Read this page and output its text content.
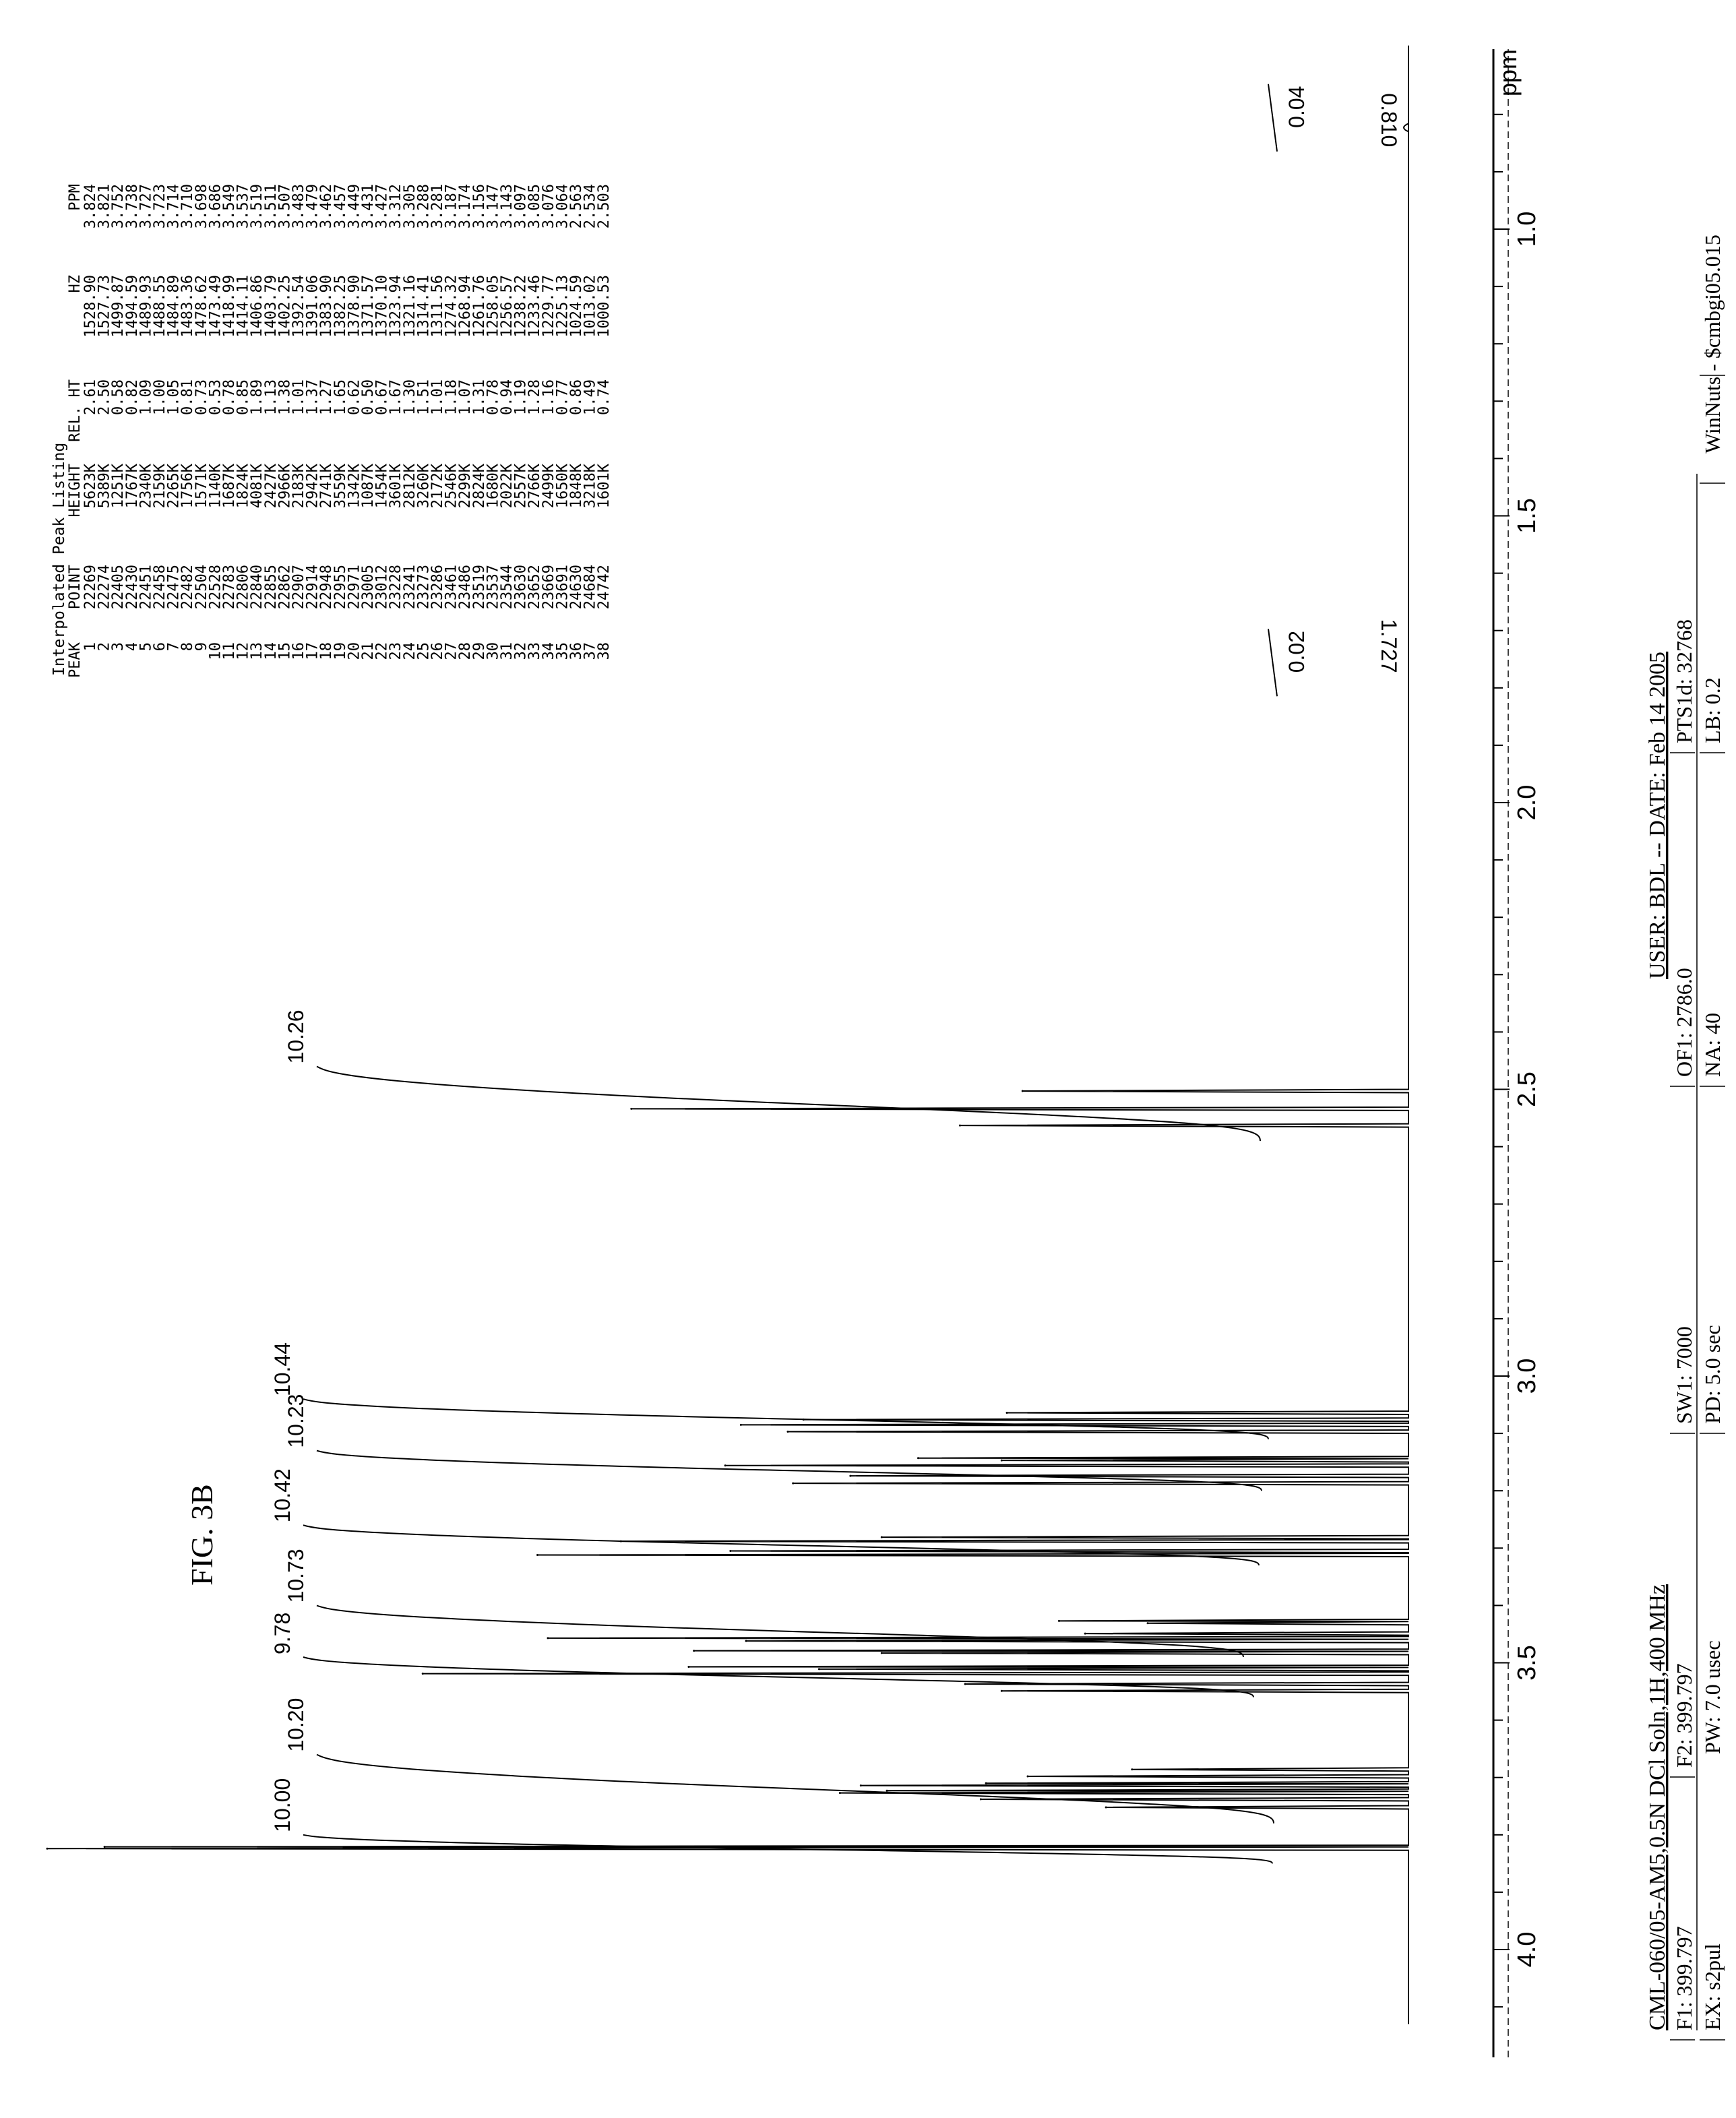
4.0
3.5
3.0
2.5
2.0
1.5
1.0
10.00
10.20
9.78
10.73
10.42
10.23
10.44
10.26
0.02
0.04
1.727
0.810
Interpolated Peak Listing
PEAK
POINT
HEIGHT
REL. HT
HZ
PPM
1
22269
5623K
2.61
1528.90
3.824
2
22274
5389K
2.50
1527.73
3.821
3
22405
1251K
0.58
1499.87
3.752
4
22430
1767K
0.82
1494.59
3.738
5
22451
2340K
1.09
1489.93
3.727
6
22458
2159K
1.00
1488.55
3.723
7
22475
2265K
1.05
1484.89
3.714
8
22482
1756K
0.81
1483.36
3.710
9
22504
1571K
0.73
1478.62
3.698
10
22528
1140K
0.53
1473.49
3.686
11
22783
1687K
0.78
1418.99
3.549
12
22806
1824K
0.85
1414.11
3.537
13
22840
4081K
1.89
1406.86
3.519
14
22855
2427K
1.13
1403.79
3.511
15
22862
2966K
1.38
1402.25
3.507
16
22907
2183K
1.01
1392.54
3.483
17
22914
2942K
1.37
1391.06
3.479
18
22948
2741K
1.27
1383.90
3.462
19
22955
3559K
1.65
1382.25
3.457
20
22971
1342K
0.62
1378.90
3.449
21
23005
1087K
0.50
1371.57
3.431
22
23012
1454K
0.67
1370.10
3.427
23
23228
3601K
1.67
1323.94
3.312
24
23241
2812K
1.30
1321.16
3.305
25
23273
3260K
1.51
1314.41
3.288
26
23286
2172K
1.01
1311.56
3.281
27
23461
2546K
1.18
1274.32
3.187
28
23486
2299K
1.07
1268.94
3.174
29
23519
2824K
1.31
1261.76
3.156
30
23537
1680K
0.78
1258.05
3.147
31
23544
2022K
0.94
1256.57
3.143
32
23630
2557K
1.19
1238.22
3.097
33
23652
2766K
1.28
1233.46
3.085
34
23669
2499K
1.16
1229.77
3.076
35
23691
1650K
0.77
1225.13
3.064
36
24630
1848K
0.86
1024.59
2.563
37
24684
3218K
1.49
1013.02
2.534
38
24742
1601K
0.74
1000.53
2.503
FIG. 3B
ppm
CML-060/05-AM5,0.5N DCl Soln,1H,400 MHz
USER: BDL -- DATE: Feb 14 2005
F1: 399.797
F2: 399.797
SW1: 7000
OF1: 2786.0
PTS1d: 32768
EX: s2pul
PW: 7.0 usec
PD: 5.0 sec
NA: 40
LB: 0.2
WinNuts - $cmbgi05.015
